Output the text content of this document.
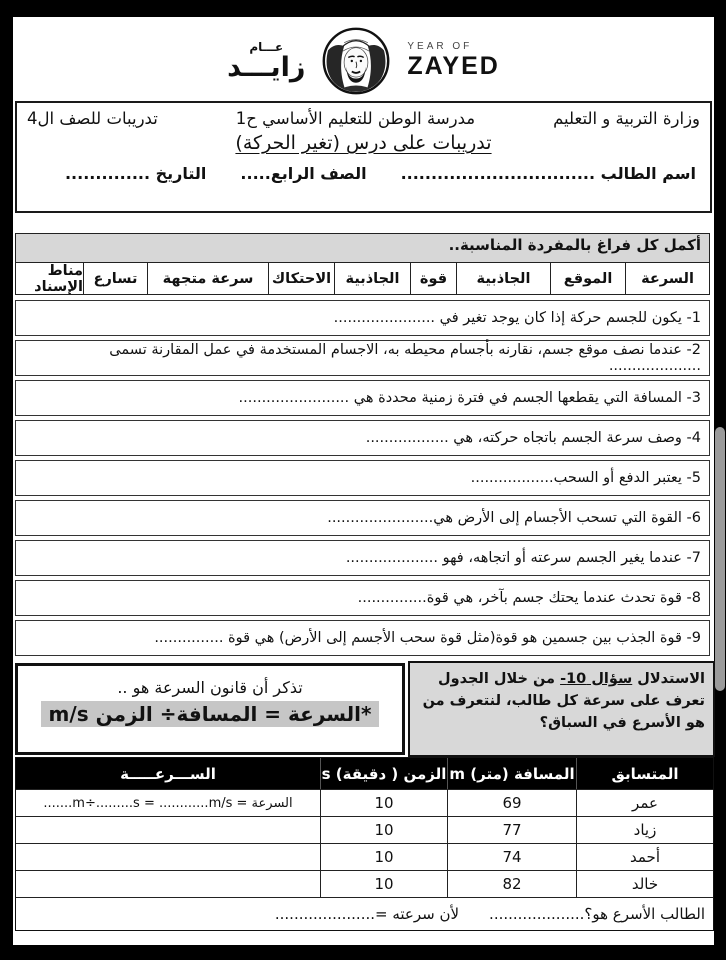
عـــام
زايـــد
YEAR OF
ZAYED
وزارة التربية و التعليم
مدرسة الوطن للتعليم الأساسي ح1
تدريبات للصف ال4
تدريبات على درس (تغير الحركة)
اسم الطالب ................................
الصف الرابع.....
التاريخ ..............
أكمل كل فراغ بالمفردة المناسبة..
السرعة
الموقع
الجاذبية
قوة
الجاذبية
الاحتكاك
سرعة متجهة
تسارع
مناط الإسناد
1- يكون للجسم حركة إذا كان يوجد تغير في ......................
2- عندما نصف موقع جسم، نقارنه بأجسام محيطه به، الاجسام المستخدمة في عمل المقارنة تسمى ....................
3- المسافة التي يقطعها الجسم في فترة زمنية محددة هي ........................
4- وصف سرعة الجسم باتجاه حركته، هي ..................
5- يعتبر الدفع أو السحب..................
6- القوة التي تسحب الأجسام إلى الأرض هي.......................
7- عندما يغير الجسم سرعته أو اتجاهه، فهو ....................
8- قوة تحدث عندما يحتك جسم بآخر، هي قوة...............
9- قوة الجذب بين جسمين هو قوة(مثل قوة سحب الأجسم إلى الأرض) هي قوة ...............
تذكر أن قانون السرعة هو ..
*السرعة = المسافة÷ الزمن m/s
الاستدلال سؤال 10- من خلال الجدول تعرف على سرعة كل طالب، لنتعرف من هو الأسرع في السباق؟
المتسابق
المسافة (متر) m
الزمن ( دقيقة) s
الســـرعـــــة
عمر
69
10
السرعة = ‎.......m÷.........s = ............m/s
زياد
77
10
أحمد
74
10
خالد
82
10
الطالب الأسرع هو؟....................
لأن سرعته =.....................
